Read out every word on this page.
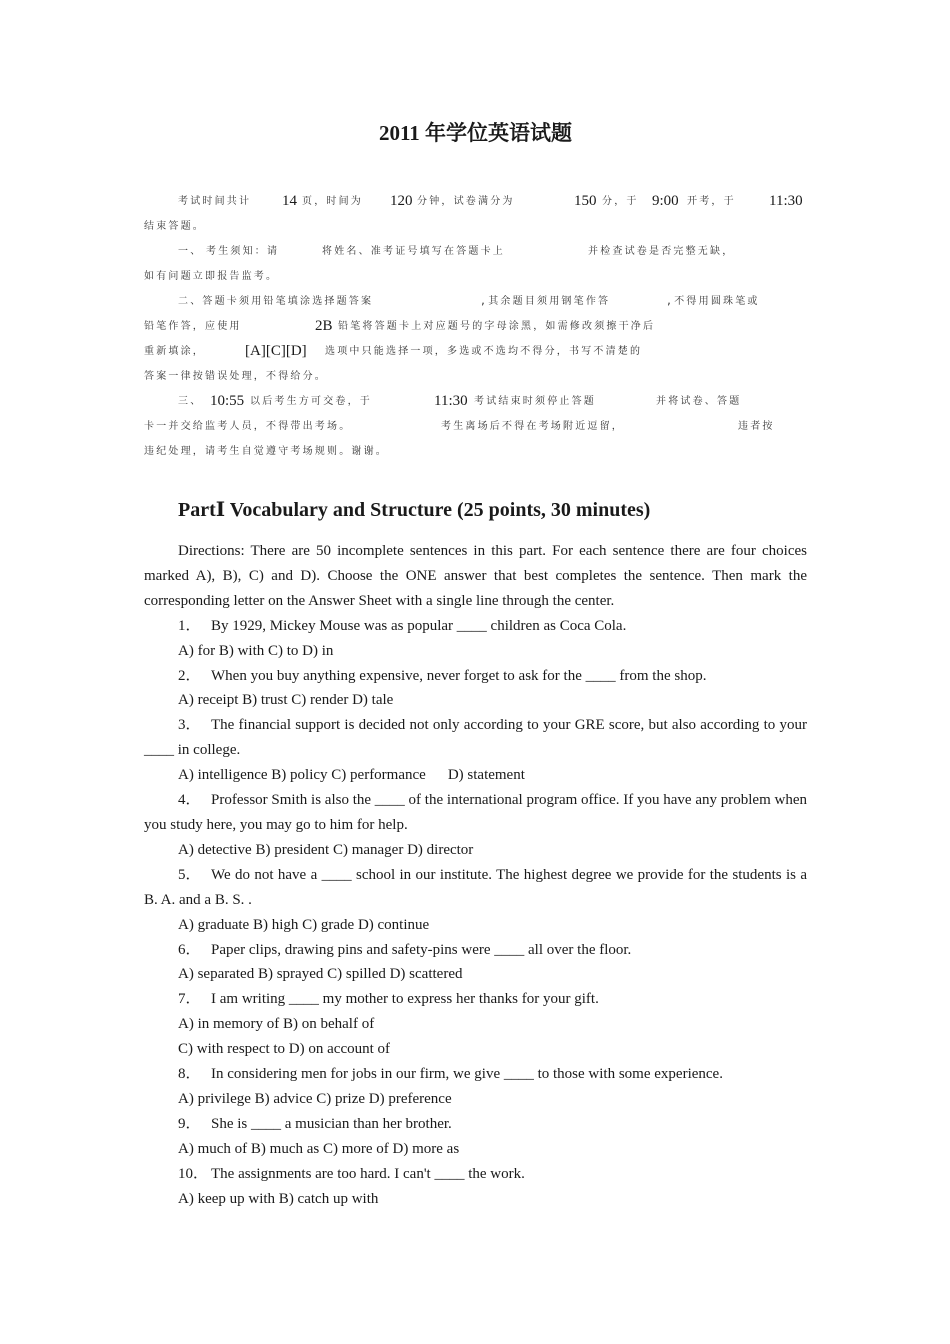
2011 年学位英语试题
考试时间共计 14 页，时间为 120 分钟，试卷满分为	150 分，于 9:00 开考，于 11:30
结束答题。
一、 考生须知：请	将姓名、准考证号填写在答题卡上	并检查试卷是否完整无缺，
如有问题立即报告监考。
二、答题卡须用铅笔填涂选择题答案	,其余题目须用钢笔作答	,不得用圆珠笔或
铅笔作答，应使用	2B 铅笔将答题卡上对应题号的字母涂黑，如需修改须擦干净后
重新填涂，	[A][C][D] 选项中只能选择一项，多选或不选均不得分，书写不清楚的
答案一律按错误处理，不得给分。
三、 10:55 以后考生方可交卷，于	11:30 考试结束时须停止答题	并将试卷、答题
卡一并交给监考人员，不得带出考场。	考生离场后不得在考场附近逗留，	违者按
违纪处理，请考生自觉遵守考场规则。谢谢。
PartⅠ Vocabulary and Structure (25 points, 30 minutes)

Directions: There are 50 incomplete sentences in this part. For each sentence there are four choices marked A), B), C) and D). Choose the ONE answer that best completes the sentence. Then mark the corresponding letter on the Answer Sheet with a single line through the center.

1． By 1929, Mickey Mouse was as popular ____ children as Coca Cola.

A) for B) with C) to D) in

2． When you buy anything expensive, never forget to ask for the ____ from the shop.

A) receipt B) trust C) render D) tale

3． The financial support is decided not only according to your GRE score, but also according to your ____ in college.

A) intelligence B) policy C) performance D) statement

4． Professor Smith is also the ____ of the international program office. If you have any problem when you study here, you may go to him for help.

A) detective B) president C) manager D) director

5． We do not have a ____ school in our institute. The highest degree we provide for the students is a B. A. and a B. S. .

A) graduate B) high C) grade D) continue

6． Paper clips, drawing pins and safety-pins were ____ all over the floor.

A) separated B) sprayed C) spilled D) scattered

7． I am writing ____ my mother to express her thanks for your gift.

A) in memory of B) on behalf of

C) with respect to D) on account of

8． In considering men for jobs in our firm, we give ____ to those with some experience.

A) privilege B) advice C) prize D) preference

9． She is ____ a musician than her brother.

A) much of B) much as C) more of D) more as

10． The assignments are too hard. I can't ____ the work.

A) keep up with B) catch up with
